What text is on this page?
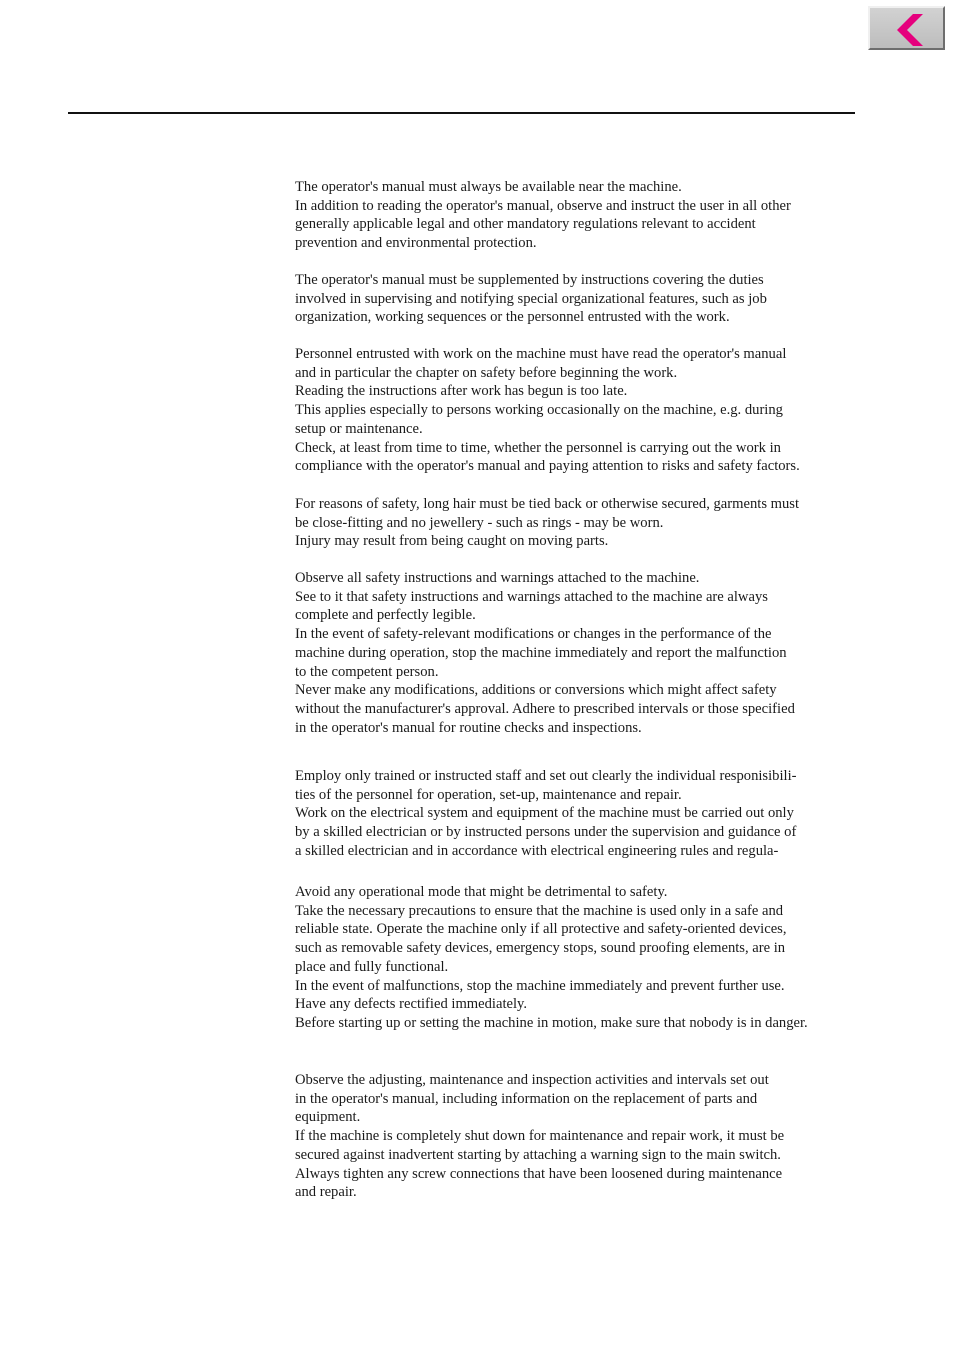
The operator's manual must always be available near the machine.
In addition to reading the operator's manual, observe and instruct the user in all other
generally applicable legal and other mandatory regulations relevant to accident
prevention and environmental protection.

The operator's manual must be supplemented by instructions covering the duties
involved in supervising and notifying special organizational features, such as job
organization, working sequences or the personnel entrusted with the work.

Personnel entrusted with work on the machine must have read the operator's manual
and in particular the chapter on safety before beginning the work.
Reading the instructions after work has begun is too late.
This applies especially to persons working occasionally on the machine, e.g. during
setup or maintenance.
Check, at least from time to time, whether the personnel is carrying out the work in
compliance with the operator's manual and paying attention to risks and safety factors.

For reasons of safety, long hair must be tied back or otherwise secured, garments must
be close-fitting and no jewellery - such as rings - may be worn.
Injury may result from being caught on moving parts.

Observe all safety instructions and warnings attached to the machine.
See to it that safety instructions and warnings attached to the machine are always
complete and perfectly legible.
In the event of safety-relevant modifications or changes in the performance of the
machine during operation, stop the machine immediately and report the malfunction
to the competent person.
Never make any modifications, additions or conversions which might affect safety
without the manufacturer's approval. Adhere to prescribed intervals or those specified
in the operator's manual for routine checks and inspections.

Employ only trained or instructed staff and set out clearly the individual responisibili-
ties of the personnel for operation, set-up, maintenance and repair.
Work on the electrical system and equipment of the machine must be carried out only
by a skilled electrician or by instructed persons under the supervision and guidance of
a skilled electrician and in accordance with electrical engineering rules and regula-

Avoid any operational mode that might be detrimental to safety.
Take the necessary precautions to ensure that the machine is used only in a safe and
reliable state. Operate the machine only if all protective and safety-oriented devices,
such as removable safety devices, emergency stops, sound proofing elements, are in
place and fully functional.
In the event of malfunctions, stop the machine immediately and prevent further use.
Have any defects rectified immediately.
Before starting up or setting the machine in motion, make sure that nobody is in danger.

Observe the adjusting, maintenance and inspection activities and intervals set out
in the operator's manual, including information on the replacement of parts and
equipment.
If the machine is completely shut down for maintenance and repair work, it must be
secured against inadvertent starting by attaching a warning sign to the main switch.
Always tighten any screw connections that have been loosened during maintenance
and repair.
